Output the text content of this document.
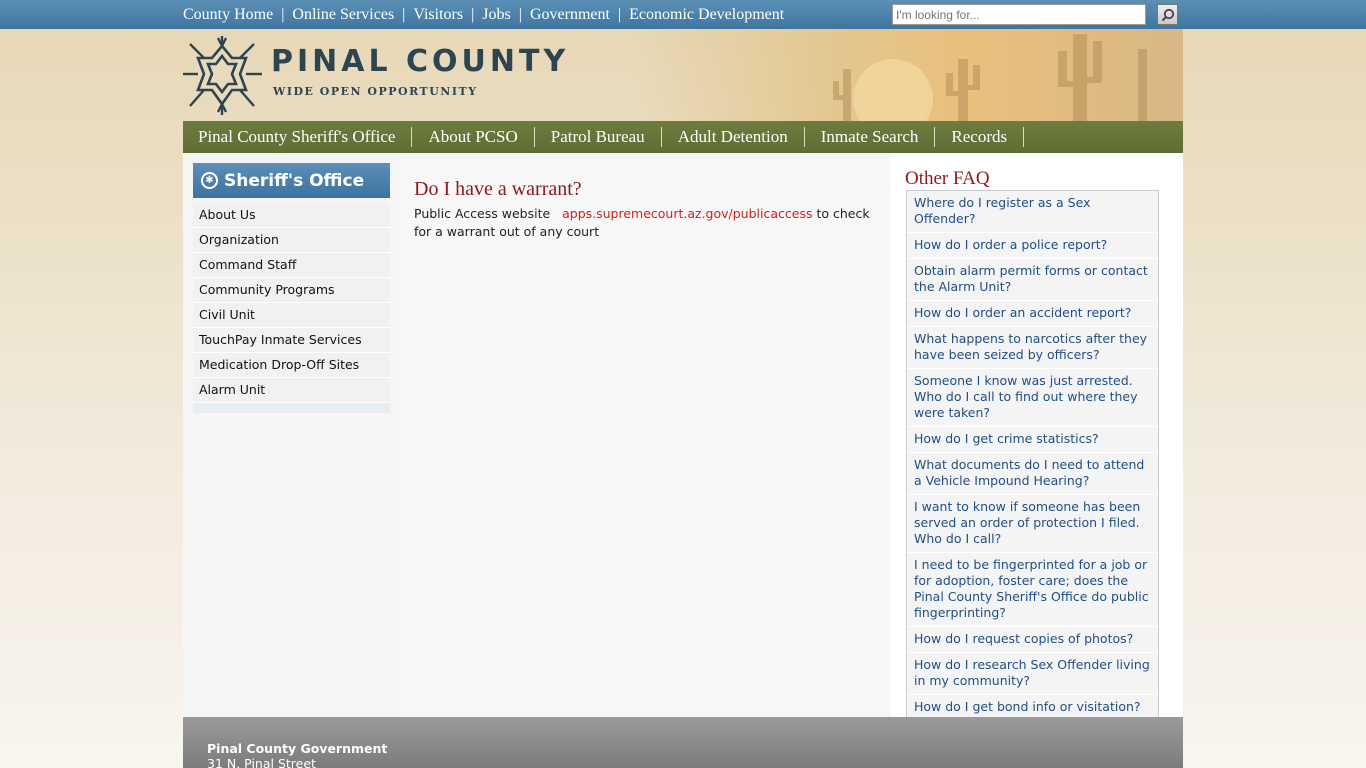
County Home | Online Services | Visitors | Jobs | Government | Economic Development
I'm looking for...
PINAL COUNTY
WIDE OPEN OPPORTUNITY
Pinal County Sheriff's Office	About PCSO	Patrol Bureau	Adult Detention	Inmate Search	Records
✱ Sheriff's Office
About Us
Organization
Command Staff
Community Programs
Civil Unit
TouchPay Inmate Services
Medication Drop-Off Sites
Alarm Unit
Do I have a warrant?

Public Access website apps.supremecourt.az.gov/publicaccess to check for a warrant out of any court

Other FAQ
Where do I register as a Sex Offender?
How do I order a police report?
Obtain alarm permit forms or contact the Alarm Unit?
How do I order an accident report?
What happens to narcotics after they have been seized by officers?
Someone I know was just arrested. Who do I call to find out where they were taken?
How do I get crime statistics?
What documents do I need to attend a Vehicle Impound Hearing?
I want to know if someone has been served an order of protection I filed. Who do I call?
I need to be fingerprinted for a job or for adoption, foster care; does the Pinal County Sheriff's Office do public fingerprinting?
How do I request copies of photos?
How do I research Sex Offender living in my community?
How do I get bond info or visitation?
Pinal County Government
31 N. Pinal Street
